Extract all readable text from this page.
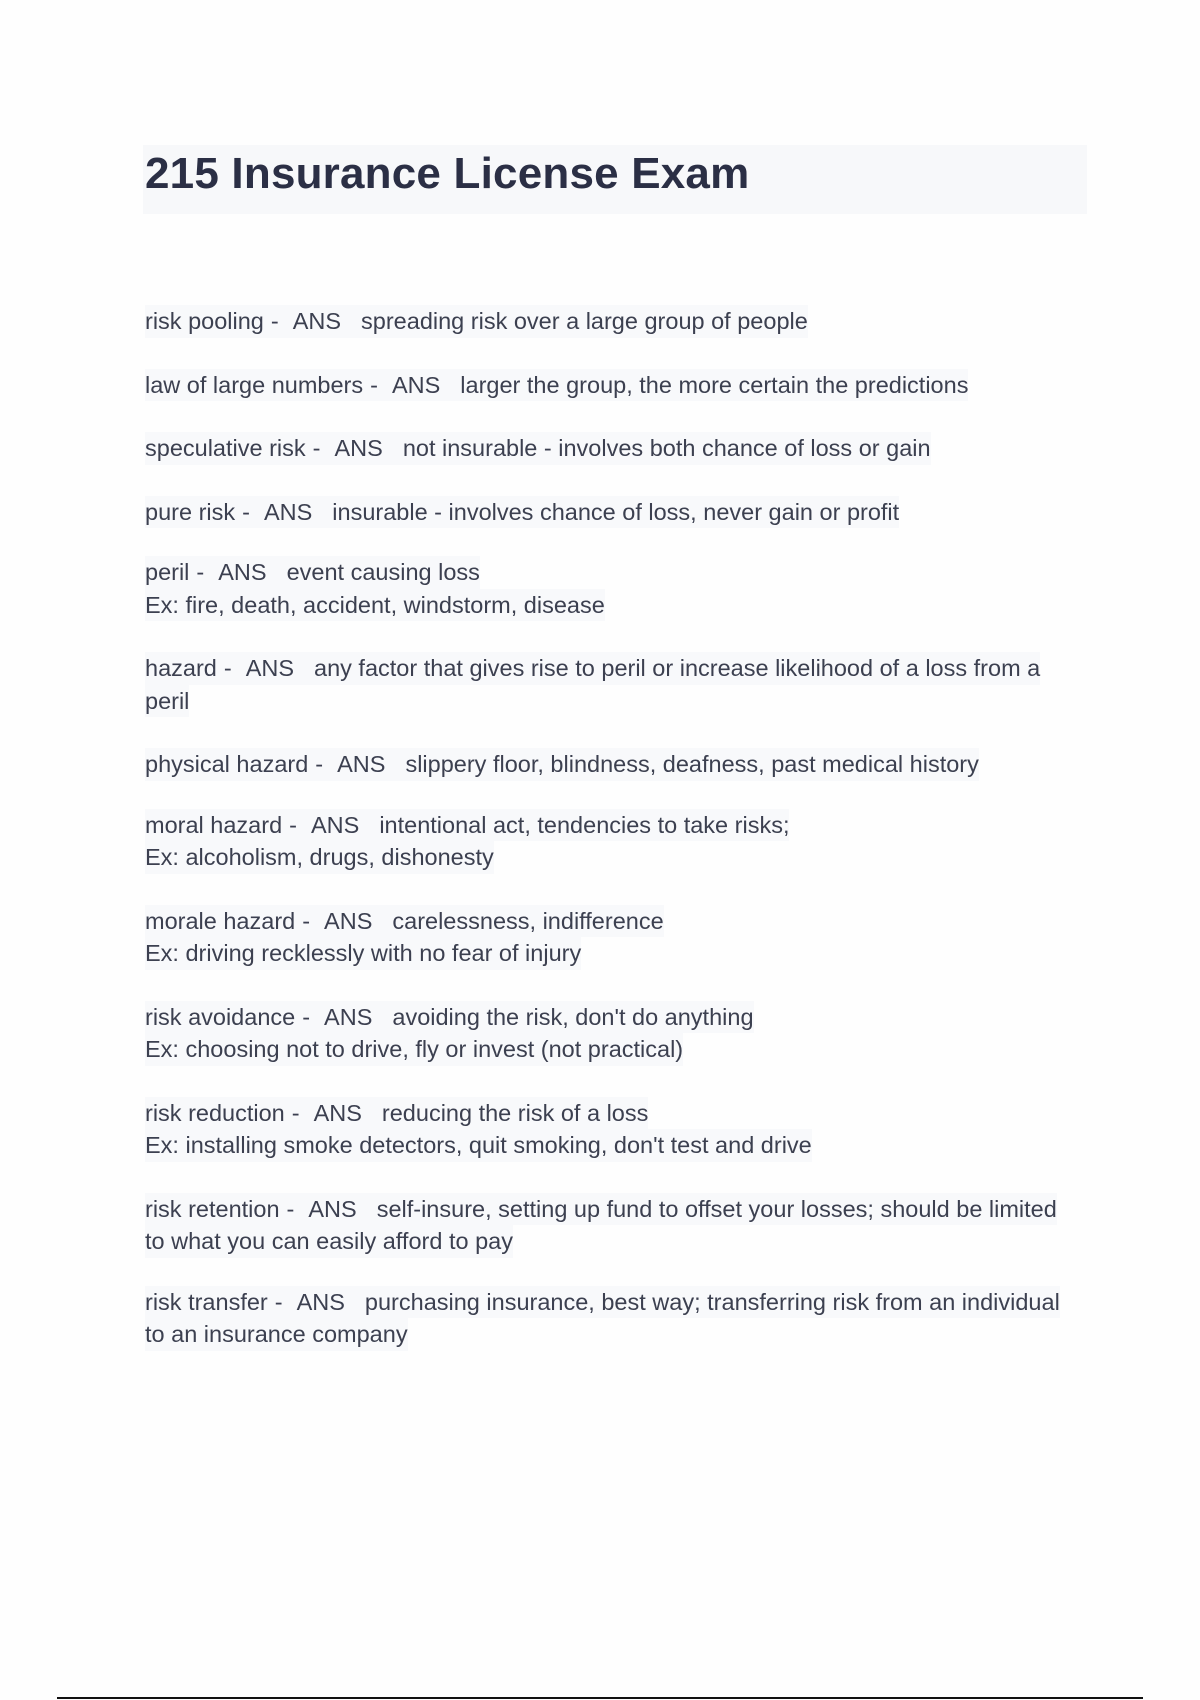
215 Insurance License Exam
risk pooling - ANS spreading risk over a large group of people
law of large numbers - ANS larger the group, the more certain the predictions
speculative risk - ANS not insurable - involves both chance of loss or gain
pure risk - ANS insurable - involves chance of loss, never gain or profit
peril - ANS event causing loss
Ex: fire, death, accident, windstorm, disease
hazard - ANS any factor that gives rise to peril or increase likelihood of a loss from a
peril
physical hazard - ANS slippery floor, blindness, deafness, past medical history
moral hazard - ANS intentional act, tendencies to take risks;
Ex: alcoholism, drugs, dishonesty
morale hazard - ANS carelessness, indifference
Ex: driving recklessly with no fear of injury
risk avoidance - ANS avoiding the risk, don't do anything
Ex: choosing not to drive, fly or invest (not practical)
risk reduction - ANS reducing the risk of a loss
Ex: installing smoke detectors, quit smoking, don't test and drive
risk retention - ANS self-insure, setting up fund to offset your losses; should be limited
to what you can easily afford to pay
risk transfer - ANS purchasing insurance, best way; transferring risk from an individual
to an insurance company
